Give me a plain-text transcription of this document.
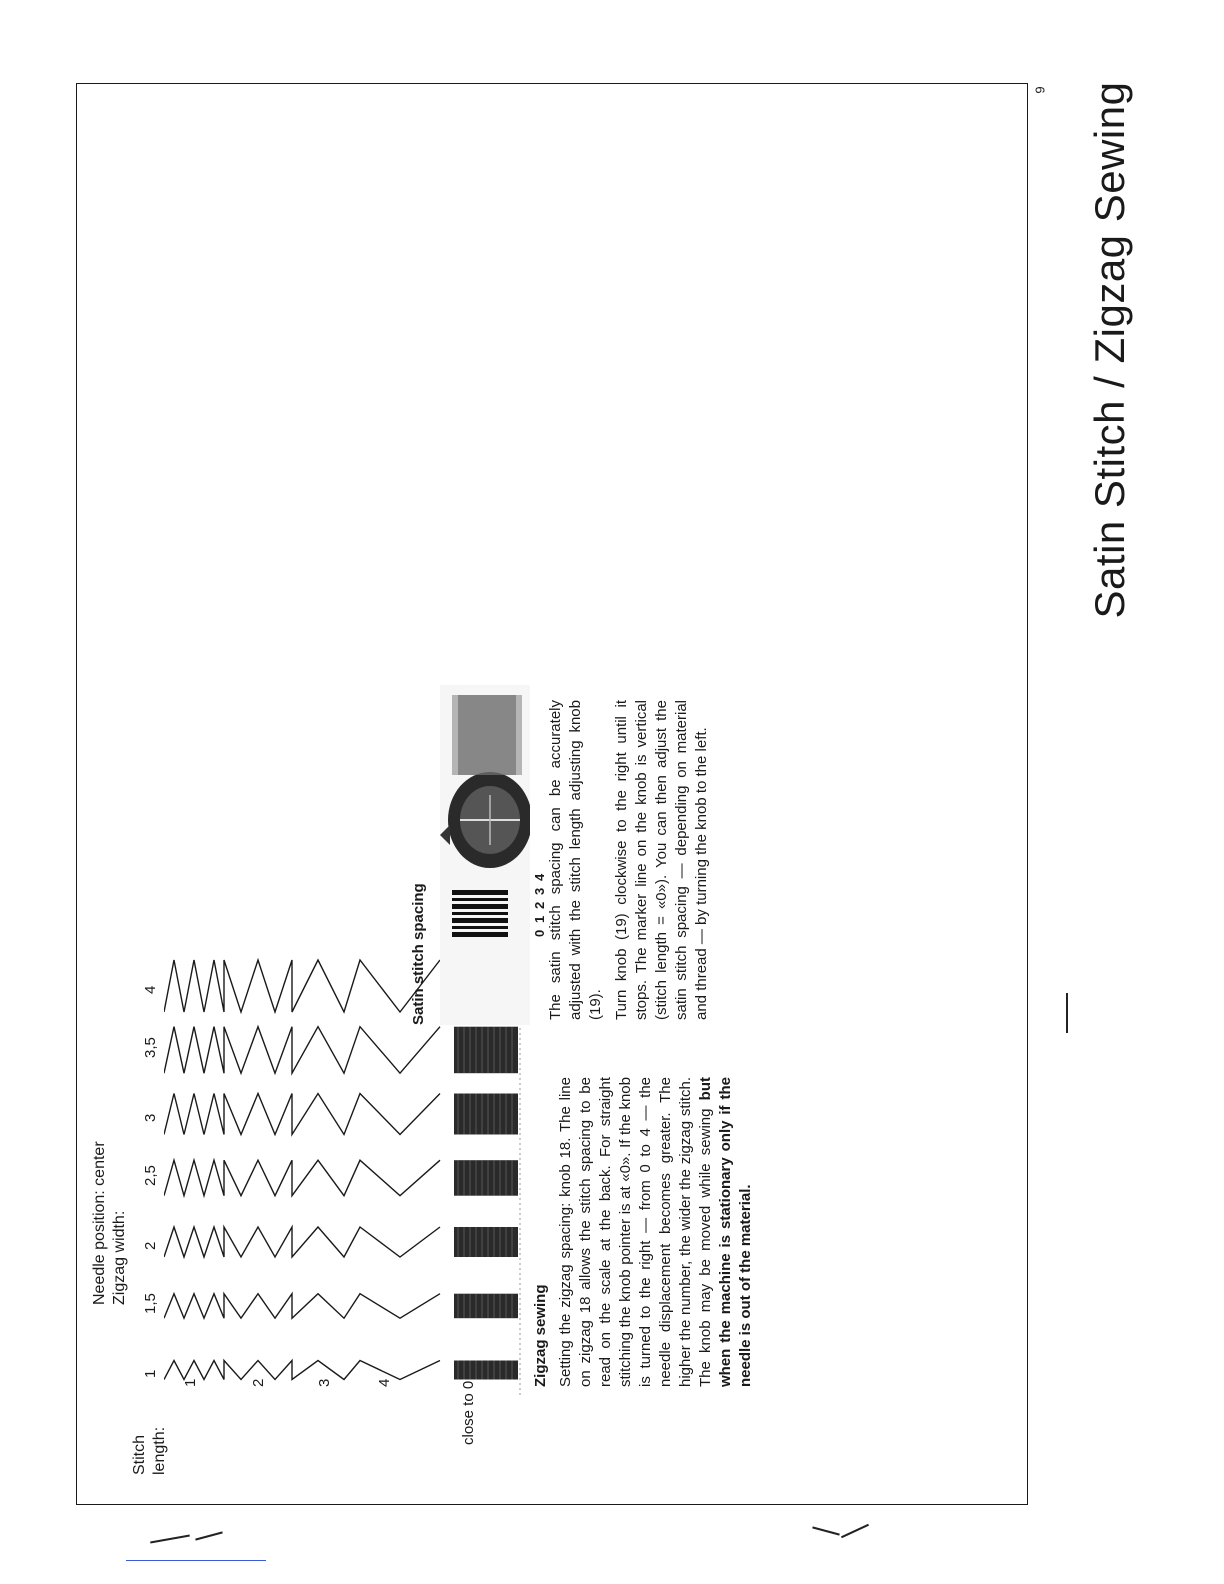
Satin Stitch / Zigzag Sewing
9
Needle position: center Zigzag width:
Stitch length:
1
1,5
2
2,5
3
3,5
4
1	2	3	4	close to 0
Zigzag sewing Setting the zigzag spacing: knob 18. The line on zigzag 18 allows the stitch spacing to be read on the scale at the back. For straight stitching the knob pointer is at «0». If the knob is turned to the right — from 0 to 4 — the needle displacement becomes greater. The higher the number, the wider the zigzag stitch. The knob may be moved while sewing but when the machine is stationary only if the needle is out of the material.

Satin stitch spacing	0
1
2
3
4 The satin stitch spacing can be accurately adjusted with the stitch length adjusting knob (19). Turn knob (19) clockwise to the right until it stops. The marker line on the knob is vertical (stitch length = «0»). You can then adjust the satin stitch spacing — depending on material and thread — by turning the knob to the left.
